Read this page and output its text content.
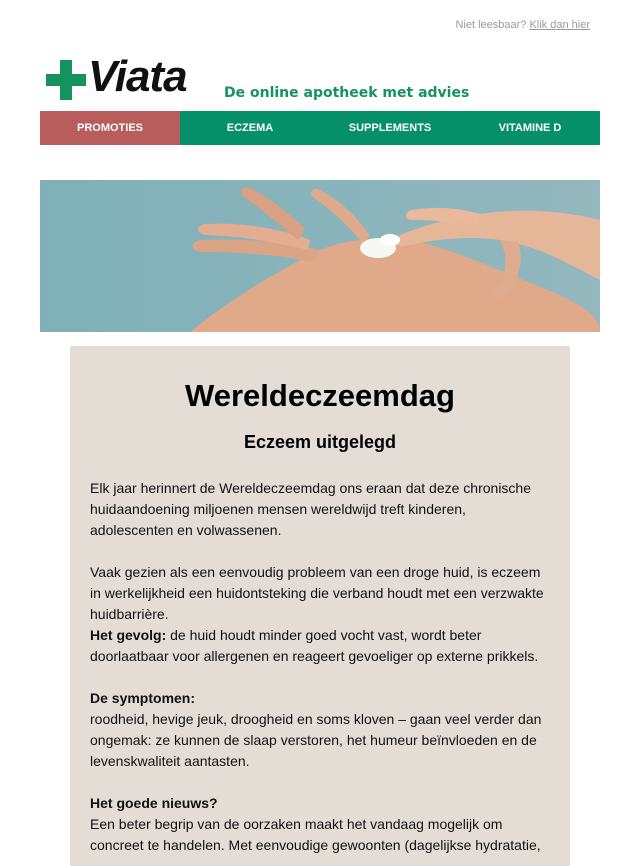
Niet leesbaar? Klik dan hier
Viata	De online apotheek met advies
PROMOTIES	ECZEMA	SUPPLEMENTS	VITAMINE D
Wereldeczeemdag
Eczeem uitgelegd

Elk jaar herinnert de Wereldeczeemdag ons eraan dat deze chronische huidaandoening miljoenen mensen wereldwijd treft kinderen, adolescenten en volwassenen.

Vaak gezien als een eenvoudig probleem van een droge huid, is eczeem in werkelijkheid een huidontsteking die verband houdt met een verzwakte huidbarrière.

Het gevolg: de huid houdt minder goed vocht vast, wordt beter doorlaatbaar voor allergenen en reageert gevoeliger op externe prikkels.

De symptomen:

roodheid, hevige jeuk, droogheid en soms kloven – gaan veel verder dan ongemak: ze kunnen de slaap verstoren, het humeur beïnvloeden en de levenskwaliteit aantasten.

Het goede nieuws?

Een beter begrip van de oorzaken maakt het vandaag mogelijk om concreet te handelen. Met eenvoudige gewoonten (dagelijkse hydratatie,
